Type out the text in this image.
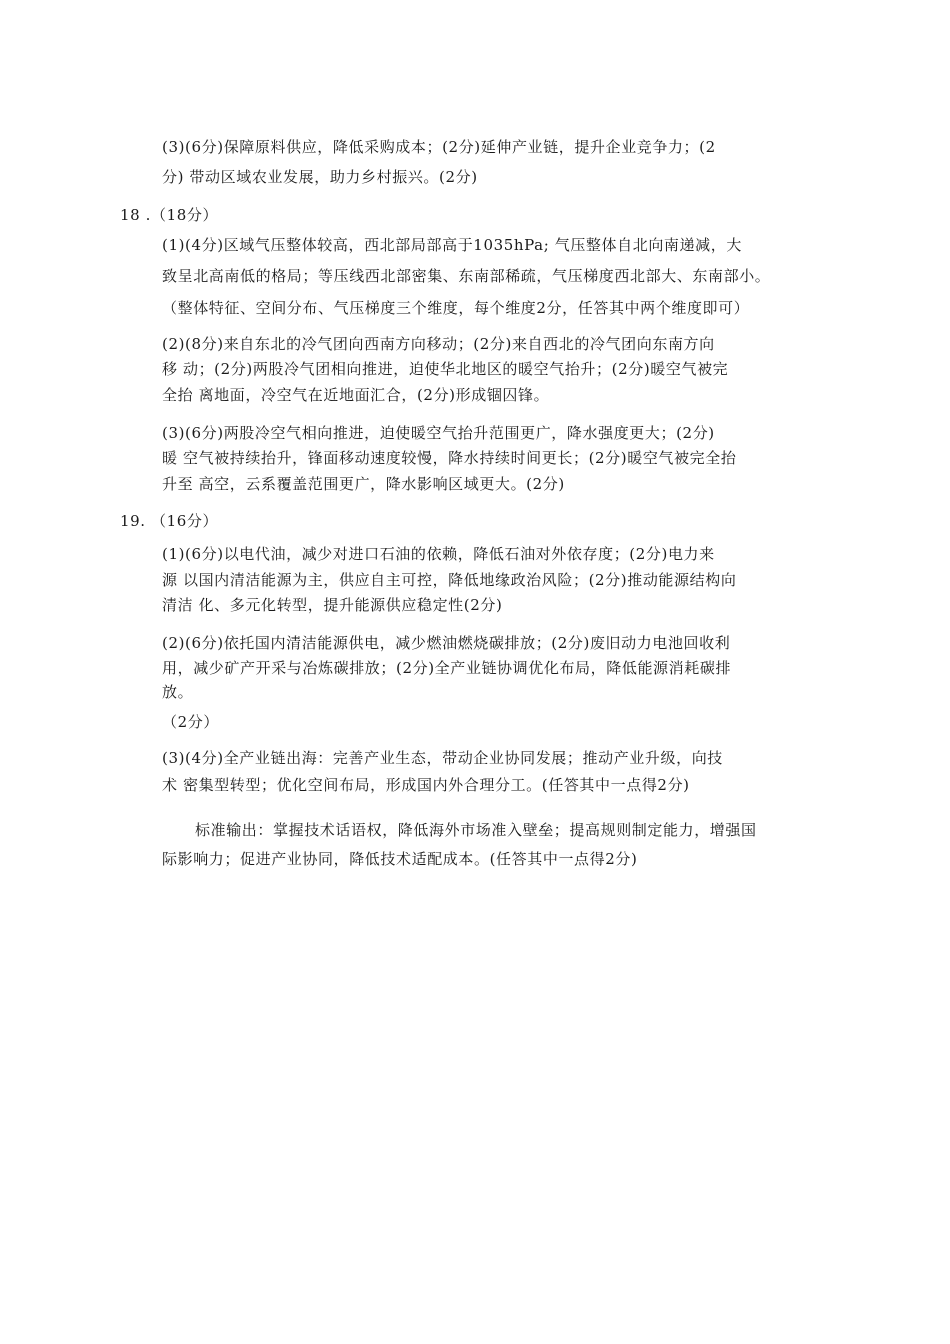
(3)(6分)保障原料供应，降低采购成本；(2分)延伸产业链，提升企业竞争力；(2
分) 带动区域农业发展，助力乡村振兴。(2分)
18 .（18分）
(1)(4分)区域气压整体较高，西北部局部高于1035hPa; 气压整体自北向南递减，大
致呈北高南低的格局；等压线西北部密集、东南部稀疏，气压梯度西北部大、东南部小。
（整体特征、空间分布、气压梯度三个维度，每个维度2分，任答其中两个维度即可）
(2)(8分)来自东北的冷气团向西南方向移动；(2分)来自西北的冷气团向东南方向
移 动；(2分)两股冷气团相向推进，迫使华北地区的暖空气抬升；(2分)暖空气被完
全抬 离地面，冷空气在近地面汇合，(2分)形成锢囚锋。
(3)(6分)两股冷空气相向推进，迫使暖空气抬升范围更广，降水强度更大；(2分)
暖 空气被持续抬升，锋面移动速度较慢，降水持续时间更长；(2分)暖空气被完全抬
升至 高空，云系覆盖范围更广，降水影响区域更大。(2分)
19. （16分）
(1)(6分)以电代油，减少对进口石油的依赖，降低石油对外依存度；(2分)电力来
源 以国内清洁能源为主，供应自主可控，降低地缘政治风险；(2分)推动能源结构向
清洁 化、多元化转型，提升能源供应稳定性(2分)
(2)(6分)依托国内清洁能源供电，减少燃油燃烧碳排放；(2分)废旧动力电池回收利
用，减少矿产开采与冶炼碳排放；(2分)全产业链协调优化布局，降低能源消耗碳排
放。
（2分）
(3)(4分)全产业链出海：完善产业生态，带动企业协同发展；推动产业升级，向技
术 密集型转型；优化空间布局，形成国内外合理分工。(任答其中一点得2分)
标准输出：掌握技术话语权，降低海外市场准入壁垒；提高规则制定能力，增强国
际影响力；促进产业协同，降低技术适配成本。(任答其中一点得2分)
